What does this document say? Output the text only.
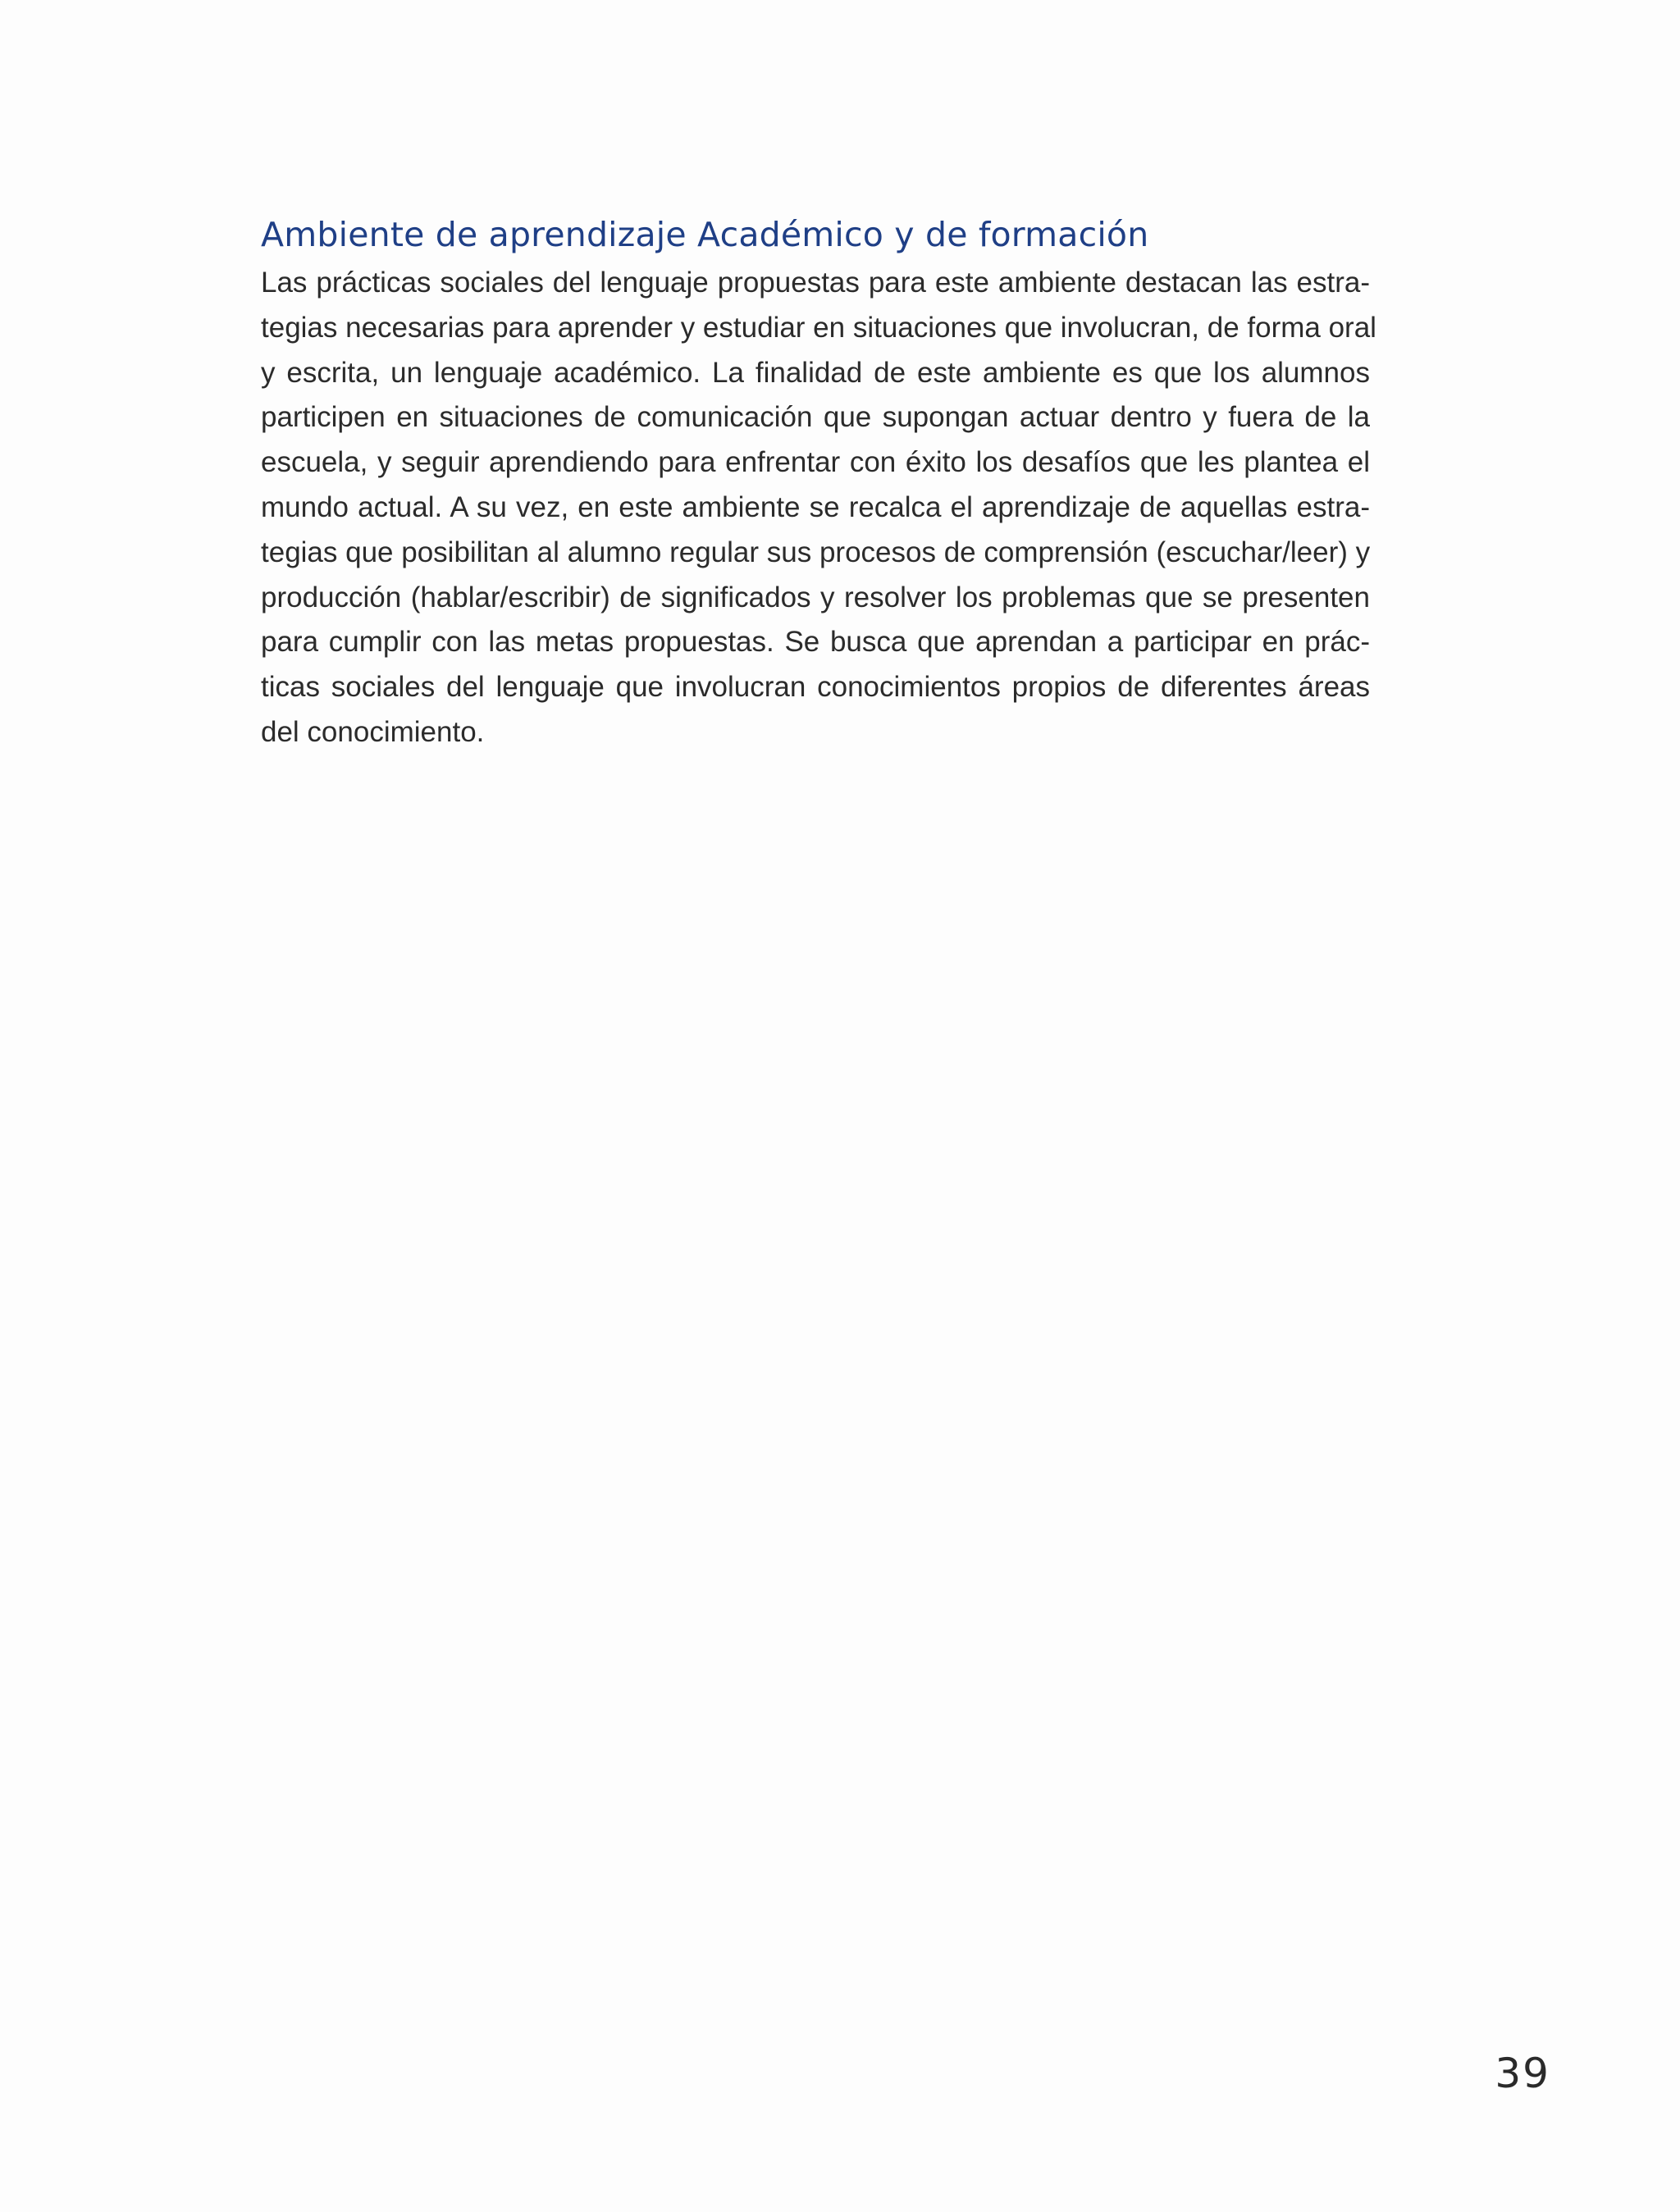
Ambiente de aprendizaje Académico y de formación
Las prácticas sociales del lenguaje propuestas para este ambiente destacan las estra-
tegias necesarias para aprender y estudiar en situaciones que involucran, de forma oral
y escrita, un lenguaje académico. La finalidad de este ambiente es que los alumnos
participen en situaciones de comunicación que supongan actuar dentro y fuera de la
escuela, y seguir aprendiendo para enfrentar con éxito los desafíos que les plantea el
mundo actual. A su vez, en este ambiente se recalca el aprendizaje de aquellas estra-
tegias que posibilitan al alumno regular sus procesos de comprensión (escuchar/leer) y
producción (hablar/escribir) de significados y resolver los problemas que se presenten
para cumplir con las metas propuestas. Se busca que aprendan a participar en prác-
ticas sociales del lenguaje que involucran conocimientos propios de diferentes áreas
del conocimiento.
39
